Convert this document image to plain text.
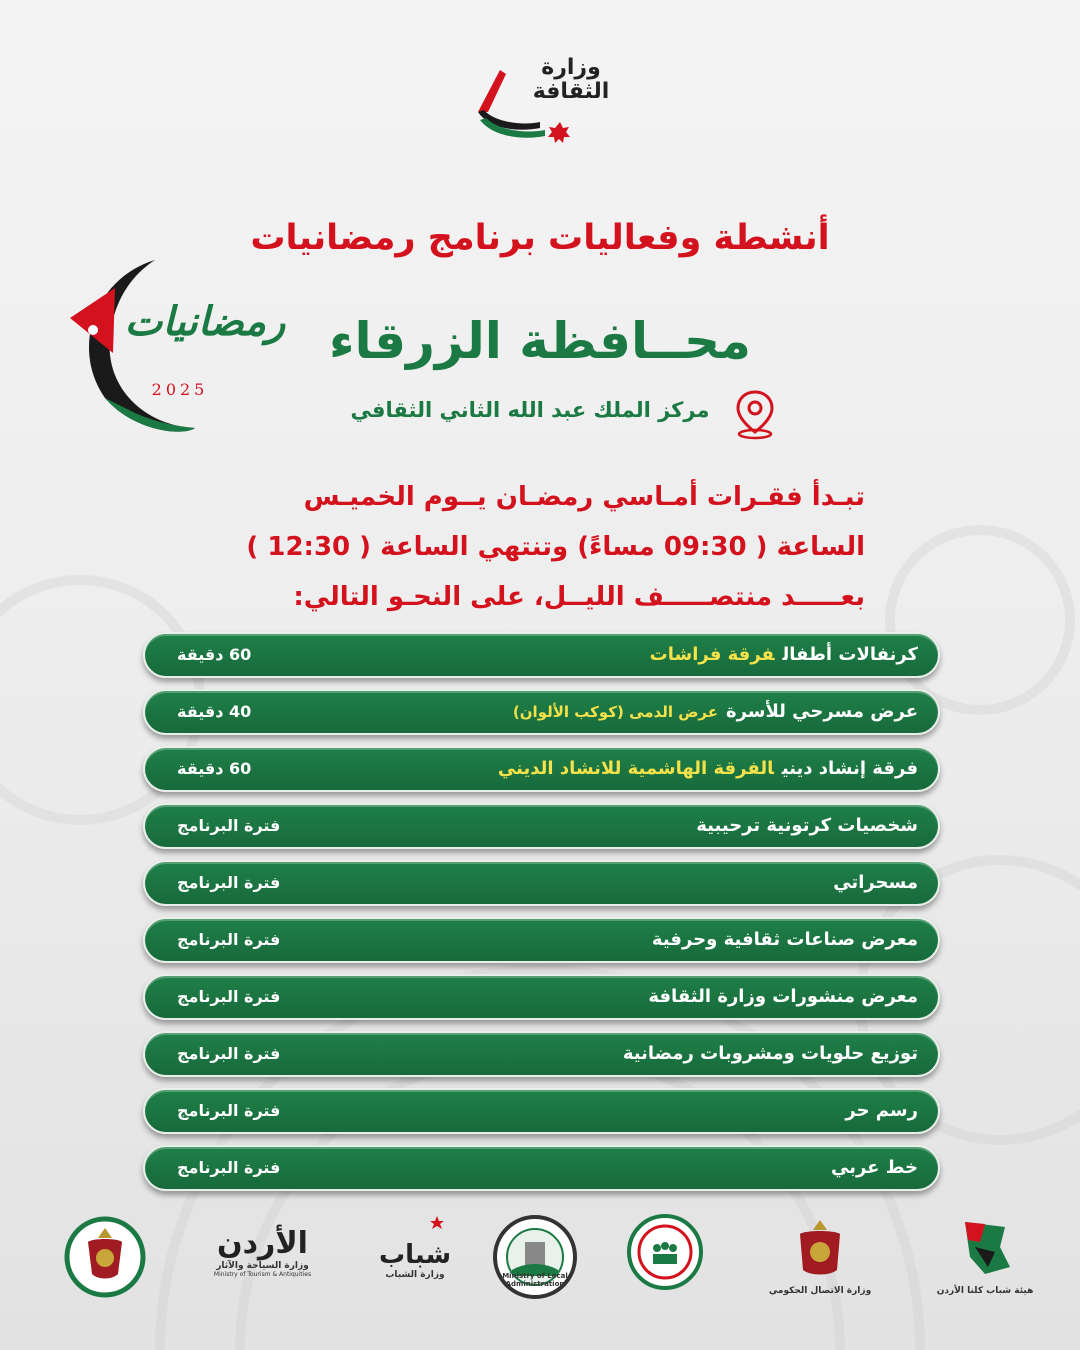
وزارة
الثقافة
أنشطة وفعاليات برنامج رمضانيات
رمضانيات
2025
محــافظة الزرقاء
مركز الملك عبد الله الثاني الثقافي
تبـدأ فقـرات أمـاسي رمضـان يــوم الخميـس
الساعة ( 09:30 مساءً) وتنتهي الساعة ( 12:30 )
بعـــــد منتصـــــف الليــل، على النحـو التالي:
كرنفالات أطفالفرقة فراشات
60 دقيقة
عرض مسرحي للأسرةعرض الدمى (كوكب الألوان)
40 دقيقة
فرقة إنشاد دينيالفرقة الهاشمية للانشاد الديني
60 دقيقة
شخصيات كرتونية ترحيبية
فترة البرنامج
مسحراتي
فترة البرنامج
معرض صناعات ثقافية وحرفية
فترة البرنامج
معرض منشورات وزارة الثقافة
فترة البرنامج
توزيع حلويات ومشروبات رمضانية
فترة البرنامج
رسم حر
فترة البرنامج
خط عربي
فترة البرنامج
هيئة شباب كلنا الأردن
وزارة الاتصال الحكومي
Ministry of Local Administration
شباب
وزارة الشباب
الأردن
وزارة السياحة والآثار
Ministry of Tourism & Antiquities
